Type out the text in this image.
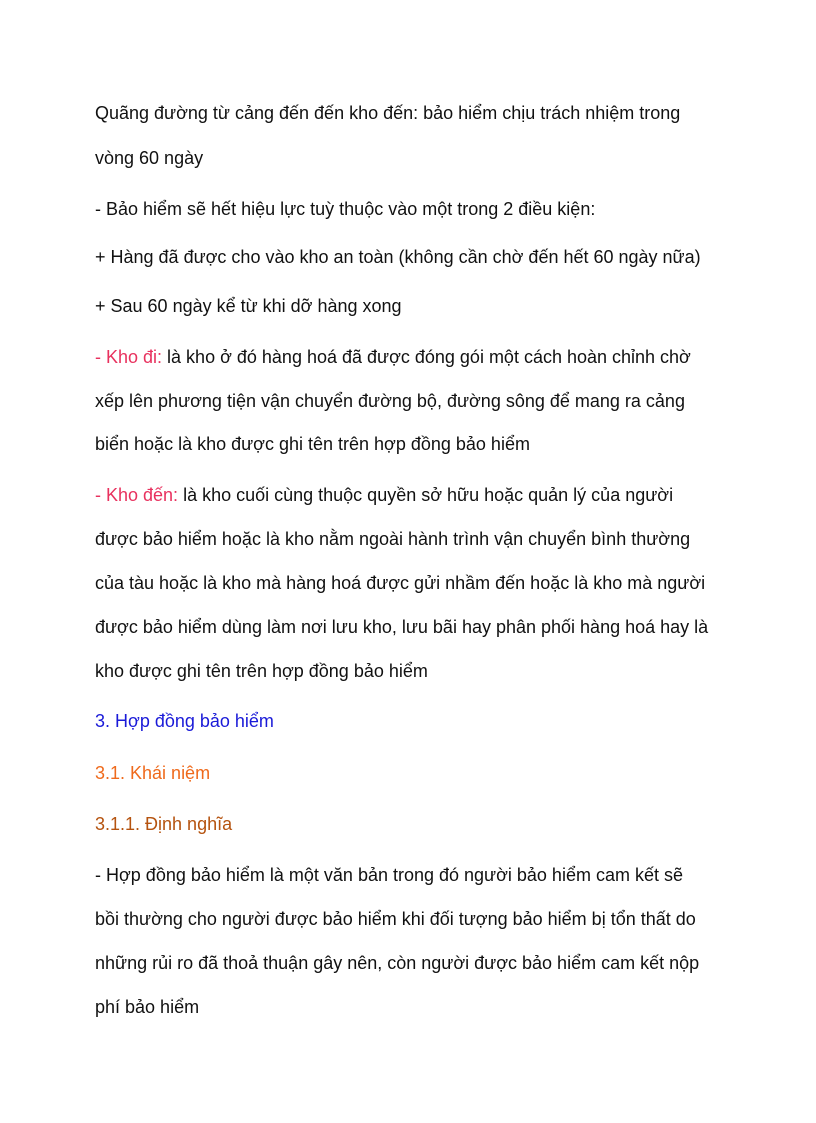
Quãng đường từ cảng đến đến kho đến: bảo hiểm chịu trách nhiệm trong
vòng 60 ngày
- Bảo hiểm sẽ hết hiệu lực tuỳ thuộc vào một trong 2 điều kiện:
+ Hàng đã được cho vào kho an toàn (không cần chờ đến hết 60 ngày nữa)
+ Sau 60 ngày kể từ khi dỡ hàng xong
- Kho đi: là kho ở đó hàng hoá đã được đóng gói một cách hoàn chỉnh chờ
xếp lên phương tiện vận chuyển đường bộ, đường sông để mang ra cảng
biển hoặc là kho được ghi tên trên hợp đồng bảo hiểm
- Kho đến: là kho cuối cùng thuộc quyền sở hữu hoặc quản lý của người
được bảo hiểm hoặc là kho nằm ngoài hành trình vận chuyển bình thường
của tàu hoặc là kho mà hàng hoá được gửi nhầm đến hoặc là kho mà người
được bảo hiểm dùng làm nơi lưu kho, lưu bãi hay phân phối hàng hoá hay là
kho được ghi tên trên hợp đồng bảo hiểm
3. Hợp đồng bảo hiểm
3.1. Khái niệm
3.1.1. Định nghĩa
- Hợp đồng bảo hiểm là một văn bản trong đó người bảo hiểm cam kết sẽ
bồi thường cho người được bảo hiểm khi đối tượng bảo hiểm bị tổn thất do
những rủi ro đã thoả thuận gây nên, còn người được bảo hiểm cam kết nộp
phí bảo hiểm
